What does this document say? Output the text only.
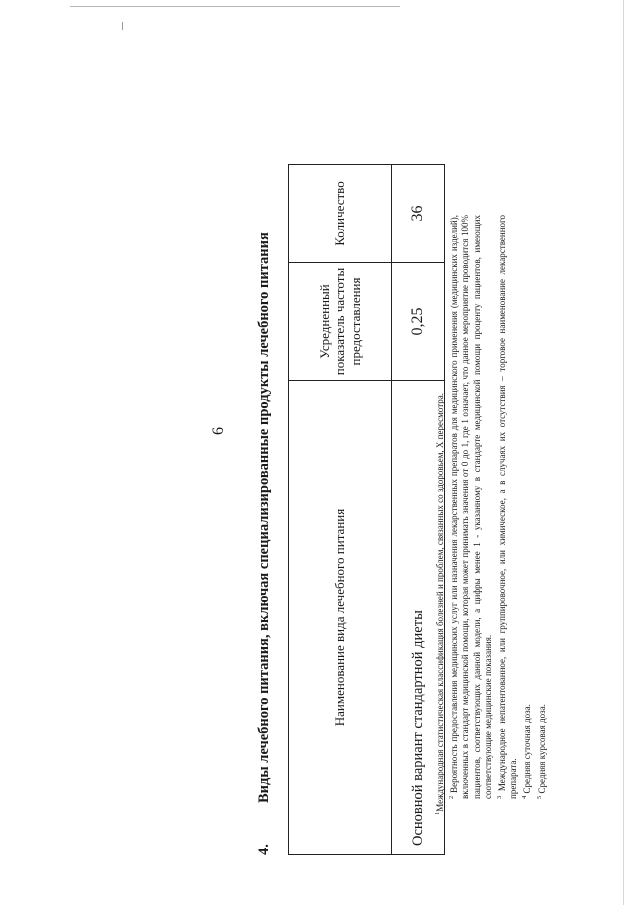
6
4.Виды лечебного питания, включая специализированные продукты лечебного питания	Наименование вида лечебного питания	Усредненный показатель частоты предоставления	Количество
Основной вариант стандартной диеты	0,25	36

$^1$Международная статистическая классификация болезней и проблем, связанных со здоровьем, X пересмотра. $^2$ Вероятность предоставления медицинских услуг или назначения лекарственных препаратов для медицинского применения (медицинских изделий), включенных в стандарт медицинской помощи, которая может принимать значения от 0 до 1, где 1 означает, что данное мероприятие проводится 100% пациентов, соответствующих данной модели, а цифры менее 1 - указанному в стандарте медицинской помощи проценту пациентов, имеющих соответствующие медицинские показания. $^3$ Международное непатентованное, или группировочное, или химическое, а в случаях их отсутствия – торговое наименование лекарственного препарата. $^4$ Средняя суточная доза.

$^5$ Средняя курсовая доза.
